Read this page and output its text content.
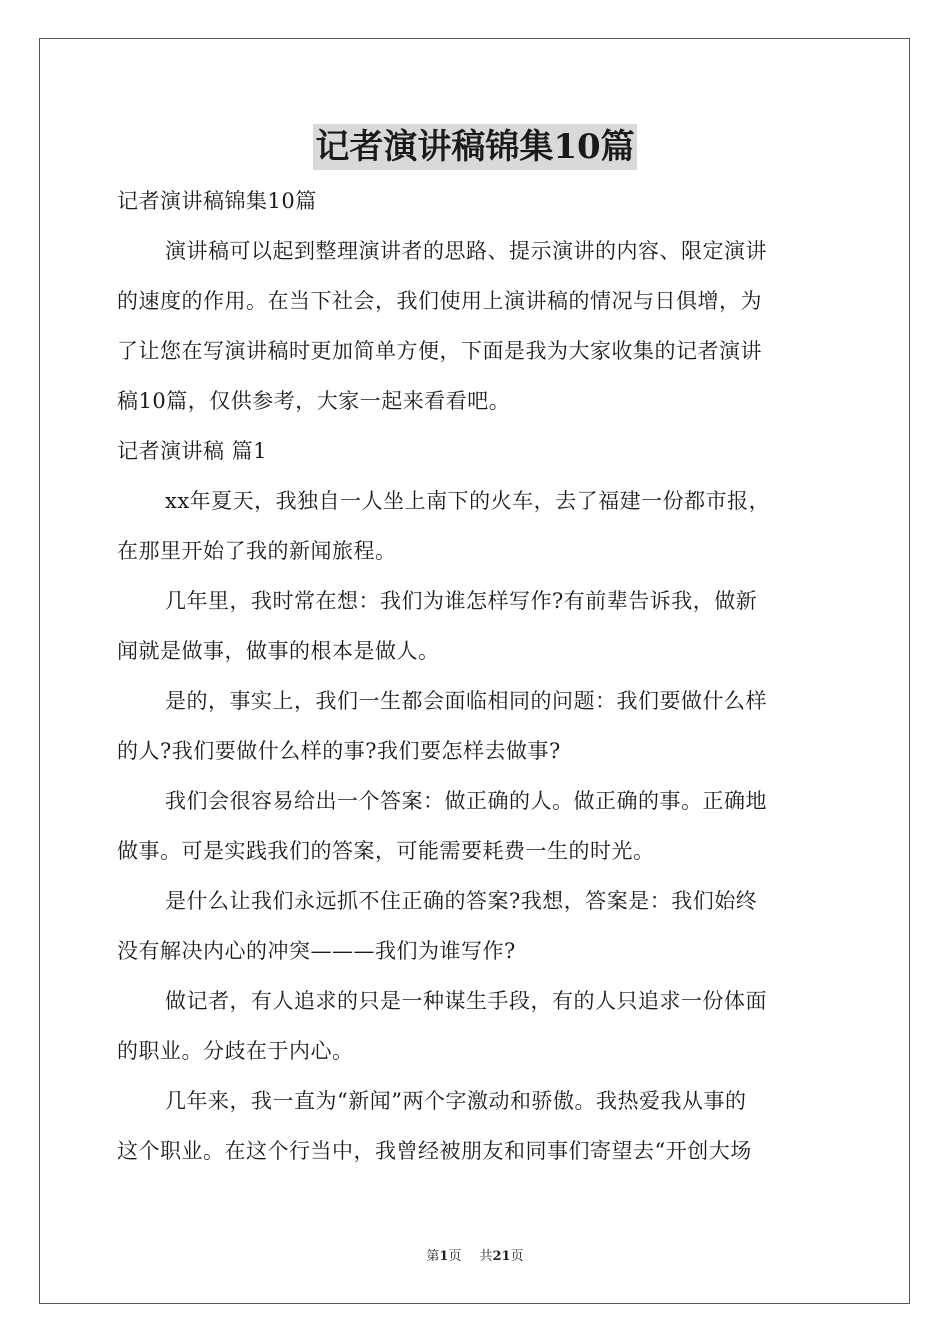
记者演讲稿锦集10篇
记者演讲稿锦集10篇
演讲稿可以起到整理演讲者的思路、提示演讲的内容、限定演讲
的速度的作用。在当下社会，我们使用上演讲稿的情况与日俱增，为
了让您在写演讲稿时更加简单方便，下面是我为大家收集的记者演讲
稿10篇，仅供参考，大家一起来看看吧。
记者演讲稿 篇1
xx年夏天，我独自一人坐上南下的火车，去了福建一份都市报，
在那里开始了我的新闻旅程。
几年里，我时常在想：我们为谁怎样写作?有前辈告诉我，做新
闻就是做事，做事的根本是做人。
是的，事实上，我们一生都会面临相同的问题：我们要做什么样
的人?我们要做什么样的事?我们要怎样去做事?
我们会很容易给出一个答案：做正确的人。做正确的事。正确地
做事。可是实践我们的答案，可能需要耗费一生的时光。
是什么让我们永远抓不住正确的答案?我想，答案是：我们始终
没有解决内心的冲突———我们为谁写作?
做记者，有人追求的只是一种谋生手段，有的人只追求一份体面
的职业。分歧在于内心。
几年来，我一直为“新闻”两个字激动和骄傲。我热爱我从事的
这个职业。在这个行当中，我曾经被朋友和同事们寄望去“开创大场
第1页 共21页
